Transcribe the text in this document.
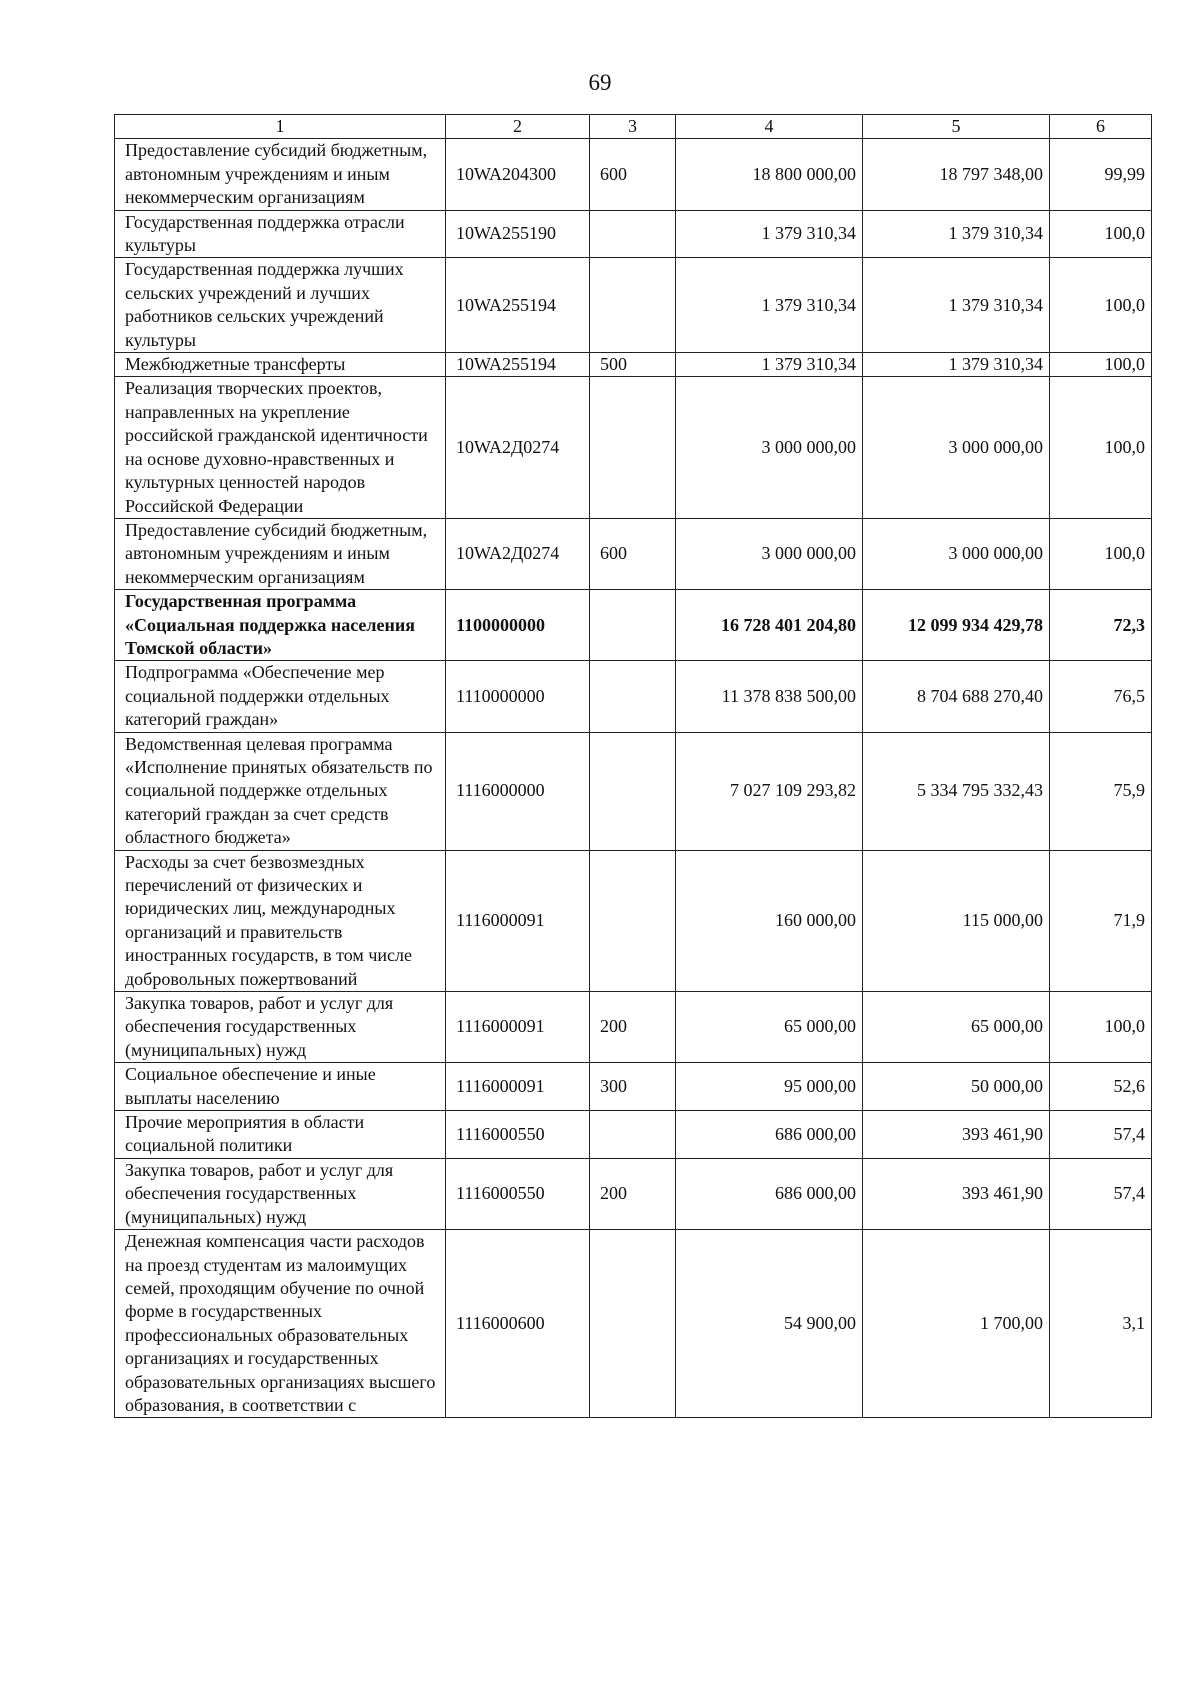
69
1	2	3	4	5	6
Предоставление субсидий бюджетным, автономным учреждениям и иным некоммерческим организациям	10WA204300	600	18 800 000,00	18 797 348,00	99,99
Государственная поддержка отрасли культуры	10WA255190		1 379 310,34	1 379 310,34	100,0
Государственная поддержка лучших сельских учреждений и лучших работников сельских учреждений культуры	10WA255194		1 379 310,34	1 379 310,34	100,0
Межбюджетные трансферты	10WA255194	500	1 379 310,34	1 379 310,34	100,0
Реализация творческих проектов, направленных на укрепление российской гражданской идентичности на основе духовно-нравственных и культурных ценностей народов Российской Федерации	10WA2Д0274		3 000 000,00	3 000 000,00	100,0
Предоставление субсидий бюджетным, автономным учреждениям и иным некоммерческим организациям	10WA2Д0274	600	3 000 000,00	3 000 000,00	100,0
Государственная программа «Социальная поддержка населения Томской области»	1100000000		16 728 401 204,80	12 099 934 429,78	72,3
Подпрограмма «Обеспечение мер социальной поддержки отдельных категорий граждан»	1110000000		11 378 838 500,00	8 704 688 270,40	76,5
Ведомственная целевая программа «Исполнение принятых обязательств по социальной поддержке отдельных категорий граждан за счет средств областного бюджета»	1116000000		7 027 109 293,82	5 334 795 332,43	75,9
Расходы за счет безвозмездных перечислений от физических и юридических лиц, международных организаций и правительств иностранных государств, в том числе добровольных пожертвований	1116000091		160 000,00	115 000,00	71,9
Закупка товаров, работ и услуг для обеспечения государственных (муниципальных) нужд	1116000091	200	65 000,00	65 000,00	100,0
Социальное обеспечение и иные выплаты населению	1116000091	300	95 000,00	50 000,00	52,6
Прочие мероприятия в области социальной политики	1116000550		686 000,00	393 461,90	57,4
Закупка товаров, работ и услуг для обеспечения государственных (муниципальных) нужд	1116000550	200	686 000,00	393 461,90	57,4
Денежная компенсация части расходов на проезд студентам из малоимущих семей, проходящим обучение по очной форме в государственных профессиональных образовательных организациях и государственных образовательных организациях высшего образования, в соответствии с	1116000600		54 900,00	1 700,00	3,1
